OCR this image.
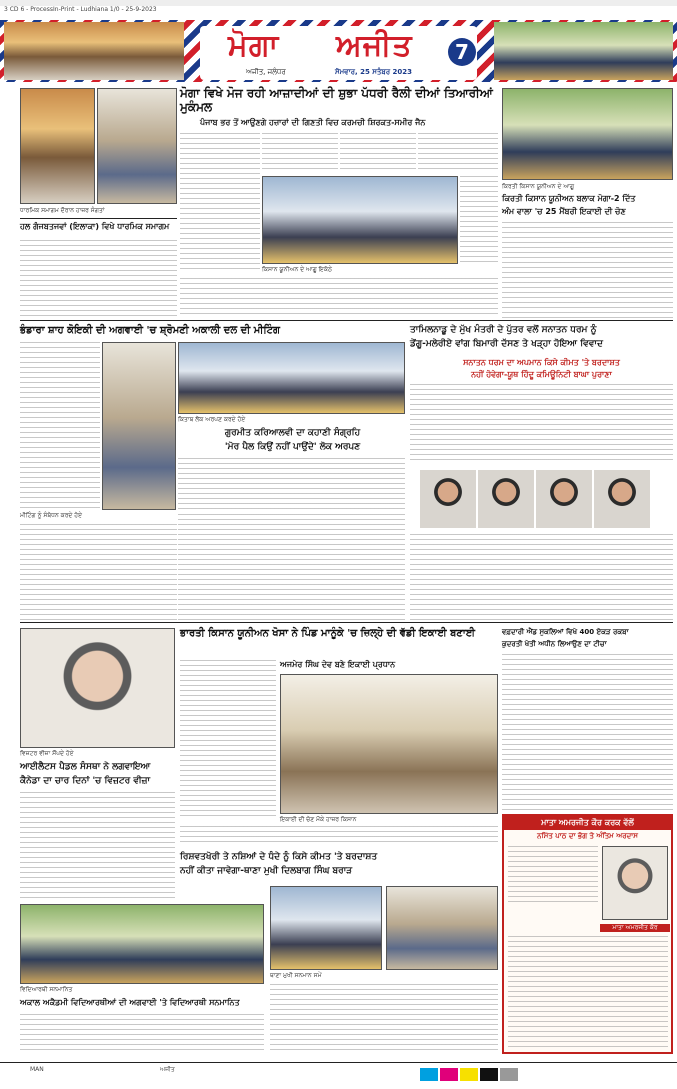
3 CD 6 - ProcessIn-Print - Ludhiana 1/0 - 25-9-2023
ਮੋਗਾ ਅਜੀਤ	7
ਅਜੀਤ, ਜਲੰਧਰ	ਸੋਮਵਾਰ, 25 ਸਤੰਬਰ 2023
ਧਾਰਮਿਕ ਸਮਾਗਮ ਦੌਰਾਨ ਹਾਜ਼ਰ ਸੰਗਤਾਂ
ਹਲ ਗੰਜਬਤਜਵਾਂ (ਇਲਾਕਾ) ਵਿਖੇ ਧਾਰਮਿਕ ਸਮਾਗਮ
ਮੋਗਾ ਵਿਖੇ ਮੋਜ ਰਹੀ ਆਜ਼ਾਦੀਆਂ ਦੀ ਸ਼ੁਭਾ ਪੱਧਰੀ ਰੈਲੀ ਦੀਆਂ ਤਿਆਰੀਆਂ ਮੁਕੰਮਲ
ਪੰਜਾਬ ਭਰ ਤੋਂ ਆਉਣਗੇ ਹਜ਼ਾਰਾਂ ਦੀ ਗਿਣਤੀ ਵਿਚ ਕਰਮਚੀ ਸ਼ਿਰਕਤ-ਸਮੀਰ ਜੈਨ
ਕਿਸਾਨ ਯੂਨੀਅਨ ਦੇ ਆਗੂ ਇਕੱਠੇ
ਕਿਰਤੀ ਕਿਸਾਨ ਯੂਨੀਅਨ ਦੇ ਆਗੂ
ਕਿਰਤੀ ਕਿਸਾਨ ਯੂਨੀਅਨ ਬਲਾਕ ਮੋਗਾ-2 ਦਿੱਤ
ਅੰਮ ਵਾਲਾ 'ਚ 25 ਮੈਂਬਰੀ ਇਕਾਈ ਦੀ ਚੋਣ
ਭੰਡਾਰਾ ਸ਼ਾਹ ਕੋਇਕੀ ਦੀ ਅਗਵਾਈ 'ਚ ਸ਼੍ਰੋਮਣੀ ਅਕਾਲੀ ਦਲ ਦੀ ਮੀਟਿੰਗ
ਕਿਤਾਬ ਲੋਕ ਅਰਪਣ ਕਰਦੇ ਹੋਏ
ਗੁਰਮੀਤ ਕਰਿਆਲਵੀ ਦਾ ਕਹਾਣੀ ਸੰਗ੍ਰਹਿ
'ਮੋਰ ਪੈਲ ਕਿਉਂ ਨਹੀਂ ਪਾਉਂਦੇ' ਲੋਕ ਅਰਪਣ
ਮੀਟਿੰਗ ਨੂੰ ਸੰਬੋਧਨ ਕਰਦੇ ਹੋਏ
ਤਾਮਿਲਨਾਡੂ ਦੇ ਮੁੱਖ ਮੰਤਰੀ ਦੇ ਪੁੱਤਰ ਵਲੋਂ ਸਨਾਤਨ ਧਰਮ ਨੂੰ
ਡੇਂਗੂ-ਮਲੇਰੀਏ ਵਾਂਗ ਬਿਮਾਰੀ ਦੱਸਣ ਤੇ ਖੜ੍ਹਾ ਹੋਇਆ ਵਿਵਾਦ
ਸਨਾਤਨ ਧਰਮ ਦਾ ਅਪਮਾਨ ਕਿਸੇ ਕੀਮਤ 'ਤੇ ਬਰਦਾਸ਼ਤ
ਨਹੀਂ ਹੋਵੇਗਾ-ਯੂਥ ਹਿੰਦੂ ਕਮਿਊਨਿਟੀ ਬਾਘਾ ਪੁਰਾਣਾ
ਵਿਜ਼ਟਰ ਵੀਜ਼ਾ ਸੌਂਪਦੇ ਹੋਏ
ਆਈਲੈਟਸ ਪੈਡਲ ਸੰਸਥਾ ਨੇ ਲਗਵਾਇਆ
ਕੈਨੇਡਾ ਦਾ ਚਾਰ ਦਿਨਾਂ 'ਚ ਵਿਜ਼ਟਰ ਵੀਜ਼ਾ
ਭਾਰਤੀ ਕਿਸਾਨ ਯੂਨੀਅਨ ਖੋਸਾ ਨੇ ਪਿੰਡ ਮਾਨੂੰਕੇ 'ਚ ਜ਼ਿਲ੍ਹੇ ਦੀ ਵੱਡੀ ਇਕਾਈ ਬਣਾਈ
ਅਜਮੇਰ ਸਿੰਘ ਦੇਵ ਬਣੇ ਇਕਾਈ ਪ੍ਰਧਾਨ
ਇਕਾਈ ਦੀ ਚੋਣ ਮੌਕੇ ਹਾਜ਼ਰ ਕਿਸਾਨ
ਵਫ਼ਦਾਰੀ ਐਂਡ ਸੁਕਲਿਆਂ ਵਿਖੇ 400 ਏਕੜ ਰਕਬਾ
ਕੁਦਰਤੀ ਖੇਤੀ ਅਧੀਨ ਲਿਆਉਣ ਦਾ ਟੀਚਾ
ਮਾਤਾ ਅਮਰਜੀਤ ਕੌਰ ਕਰਕ ਵੱਲੋਂ
ਨਮਿੱਤ ਪਾਠ ਦਾ ਭੋਗ ਤੇ ਅੰਤਿਮ ਅਰਦਾਸ
ਮਾਤਾ ਅਮਰਜੀਤ ਕੌਰ
ਰਿਸ਼ਵਤਖੋਰੀ ਤੇ ਨਸ਼ਿਆਂ ਦੇ ਧੰਦੇ ਨੂੰ ਕਿਸੇ ਕੀਮਤ 'ਤੇ ਬਰਦਾਸ਼ਤ
ਨਹੀਂ ਕੀਤਾ ਜਾਵੇਗਾ-ਥਾਣਾ ਮੁਖੀ ਦਿਲਬਾਗ ਸਿੰਘ ਬਰਾੜ
ਥਾਣਾ ਮੁਖੀ ਸਨਮਾਨ ਸਮੇਂ
ਵਿਦਿਆਰਥੀ ਸਨਮਾਨਿਤ
ਅਕਾਲ ਅਕੈਡਮੀ ਵਿਦਿਆਰਥੀਆਂ ਦੀ ਅਗਵਾਈ 'ਤੇ ਵਿਦਿਆਰਥੀ ਸਨਮਾਨਿਤ
MAN	ਅਜੀਤ
